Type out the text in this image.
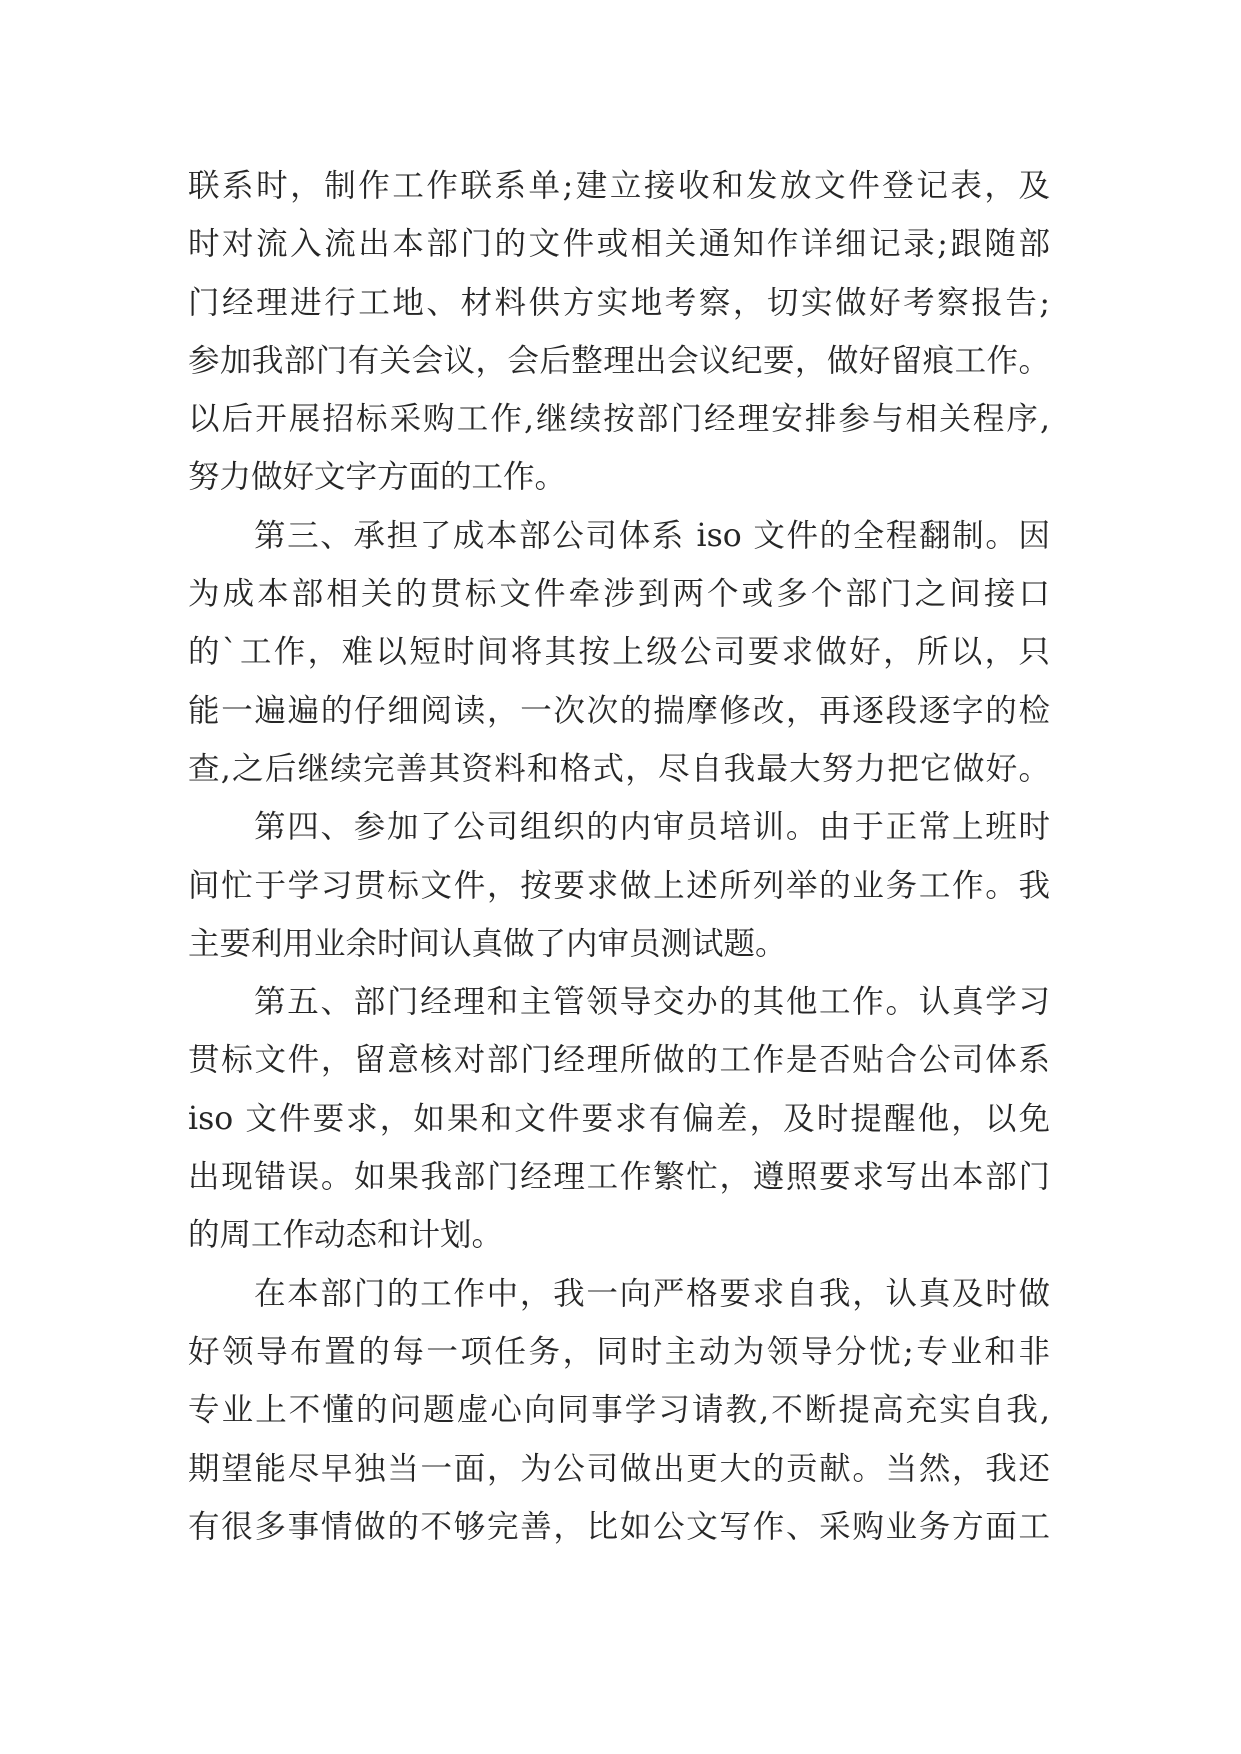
联系时，制作工作联系单;建立接收和发放文件登记表，及
时对流入流出本部门的文件或相关通知作详细记录;跟随部
门经理进行工地、材料供方实地考察，切实做好考察报告;
参加我部门有关会议，会后整理出会议纪要，做好留痕工作。
以后开展招标采购工作,继续按部门经理安排参与相关程序,
努力做好文字方面的工作。
第三、承担了成本部公司体系 iso 文件的全程翻制。因
为成本部相关的贯标文件牵涉到两个或多个部门之间接口
的`工作，难以短时间将其按上级公司要求做好，所以，只
能一遍遍的仔细阅读，一次次的揣摩修改，再逐段逐字的检
查,之后继续完善其资料和格式，尽自我最大努力把它做好。
第四、参加了公司组织的内审员培训。由于正常上班时
间忙于学习贯标文件，按要求做上述所列举的业务工作。我
主要利用业余时间认真做了内审员测试题。
第五、部门经理和主管领导交办的其他工作。认真学习
贯标文件，留意核对部门经理所做的工作是否贴合公司体系
iso 文件要求，如果和文件要求有偏差，及时提醒他，以免
出现错误。如果我部门经理工作繁忙，遵照要求写出本部门
的周工作动态和计划。
在本部门的工作中，我一向严格要求自我，认真及时做
好领导布置的每一项任务，同时主动为领导分忧;专业和非
专业上不懂的问题虚心向同事学习请教,不断提高充实自我,
期望能尽早独当一面，为公司做出更大的贡献。当然，我还
有很多事情做的不够完善，比如公文写作、采购业务方面工
